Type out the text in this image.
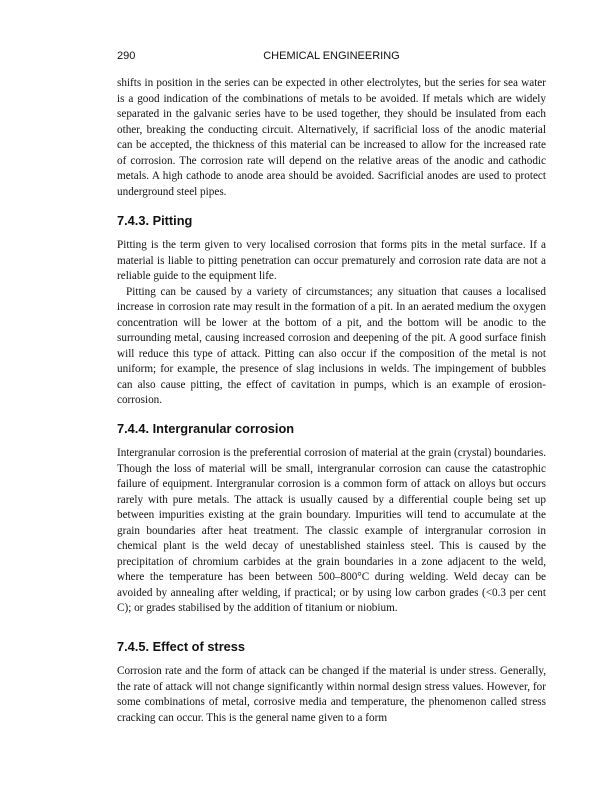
290	CHEMICAL ENGINEERING

shifts in position in the series can be expected in other electrolytes, but the series for sea water is a good indication of the combinations of metals to be avoided. If metals which are widely separated in the galvanic series have to be used together, they should be insulated from each other, breaking the conducting circuit. Alternatively, if sacrificial loss of the anodic material can be accepted, the thickness of this material can be increased to allow for the increased rate of corrosion. The corrosion rate will depend on the relative areas of the anodic and cathodic metals. A high cathode to anode area should be avoided. Sacrificial anodes are used to protect underground steel pipes.

7.4.3. Pitting

Pitting is the term given to very localised corrosion that forms pits in the metal surface. If a material is liable to pitting penetration can occur prematurely and corrosion rate data are not a reliable guide to the equipment life.

Pitting can be caused by a variety of circumstances; any situation that causes a localised increase in corrosion rate may result in the formation of a pit. In an aerated medium the oxygen concentration will be lower at the bottom of a pit, and the bottom will be anodic to the surrounding metal, causing increased corrosion and deepening of the pit. A good surface finish will reduce this type of attack. Pitting can also occur if the composition of the metal is not uniform; for example, the presence of slag inclusions in welds. The impingement of bubbles can also cause pitting, the effect of cavitation in pumps, which is an example of erosion-corrosion.

7.4.4. Intergranular corrosion

Intergranular corrosion is the preferential corrosion of material at the grain (crystal) boundaries. Though the loss of material will be small, intergranular corrosion can cause the catastrophic failure of equipment. Intergranular corrosion is a common form of attack on alloys but occurs rarely with pure metals. The attack is usually caused by a differential couple being set up between impurities existing at the grain boundary. Impurities will tend to accumulate at the grain boundaries after heat treatment. The classic example of intergranular corrosion in chemical plant is the weld decay of unestablished stainless steel. This is caused by the precipitation of chromium carbides at the grain boundaries in a zone adjacent to the weld, where the temperature has been between 500–800°C during welding. Weld decay can be avoided by annealing after welding, if practical; or by using low carbon grades (<0.3 per cent C); or grades stabilised by the addition of titanium or niobium.

7.4.5. Effect of stress

Corrosion rate and the form of attack can be changed if the material is under stress. Generally, the rate of attack will not change significantly within normal design stress values. However, for some combinations of metal, corrosive media and temperature, the phenomenon called stress cracking can occur. This is the general name given to a form
